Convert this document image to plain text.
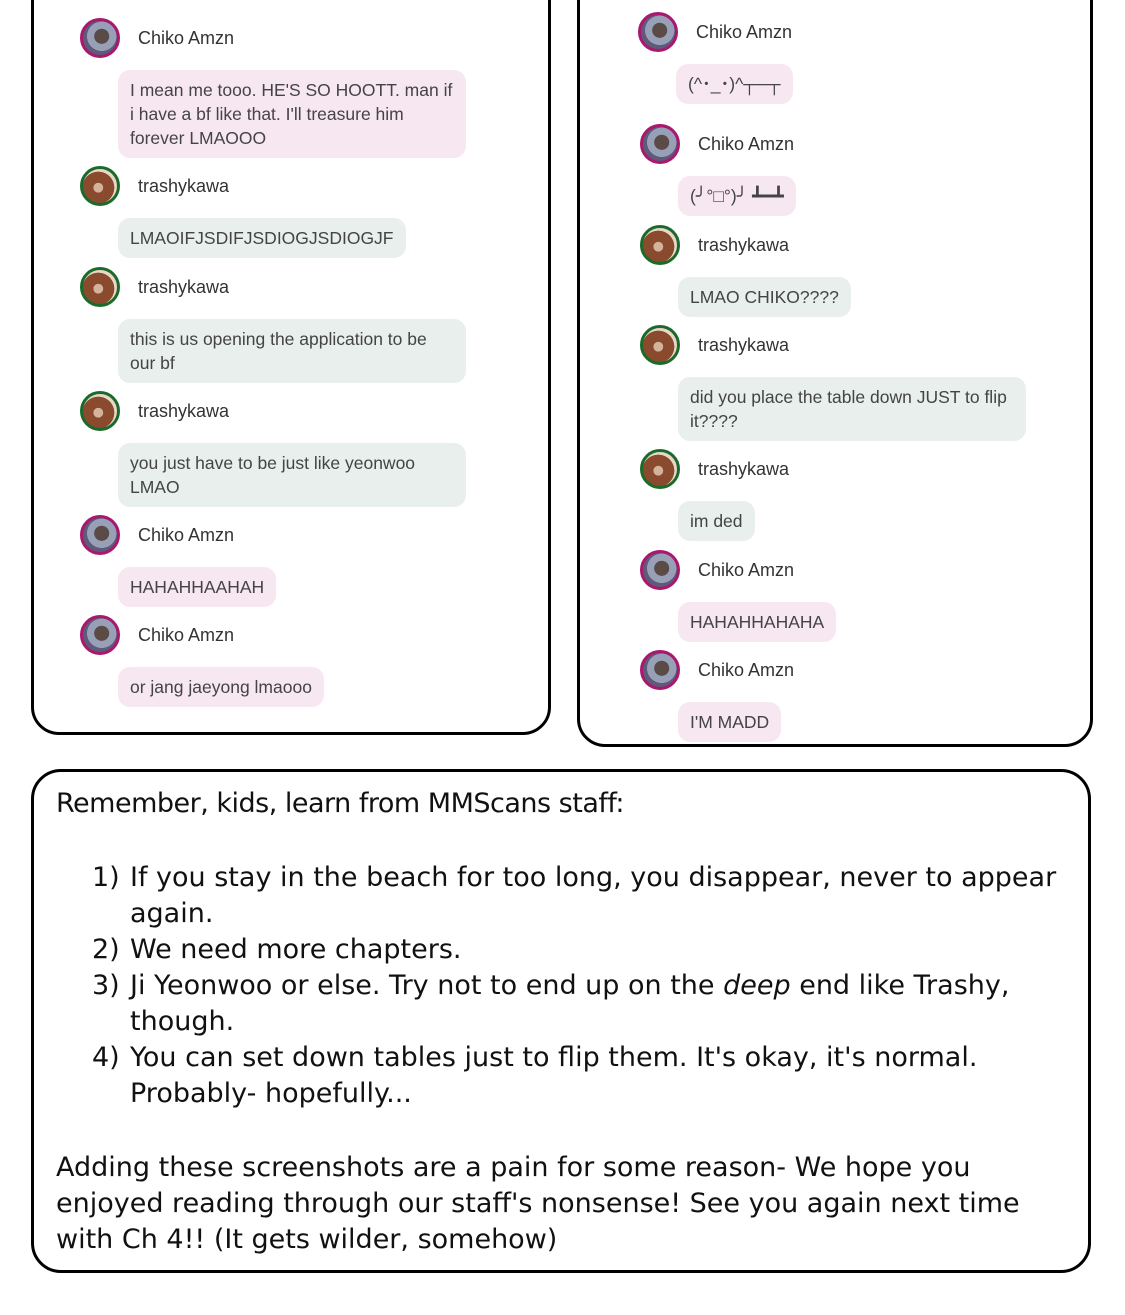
Chiko Amzn
I mean me tooo. HE'S SO HOOTT. man if i have a bf like that. I'll treasure him forever LMAOOO
trashykawa
LMAOIFJSDIFJSDIOGJSDIOGJF
trashykawa
this is us opening the application to be our bf
trashykawa
you just have to be just like yeonwoo LMAO
Chiko Amzn
HAHAHHAAHAH
Chiko Amzn
or jang jaeyong lmaooo
Chiko Amzn
(^･_･)^┬─┬
Chiko Amzn
(╯°□°)╯ ┻━┻
trashykawa
LMAO CHIKO????
trashykawa
did you place the table down JUST to flip it????
trashykawa
im ded
Chiko Amzn
HAHAHHAHAHA
Chiko Amzn
I'M MADD
Remember, kids, learn from MMScans staff:
1) If you stay in the beach for too long, you disappear, never to appear again.
2) We need more chapters.
3) Ji Yeonwoo or else. Try not to end up on the deep end like Trashy, though.
4) You can set down tables just to flip them. It's okay, it's normal. Probably- hopefully...
Adding these screenshots are a pain for some reason- We hope you enjoyed reading through our staff's nonsense! See you again next time with Ch 4!! (It gets wilder, somehow)
